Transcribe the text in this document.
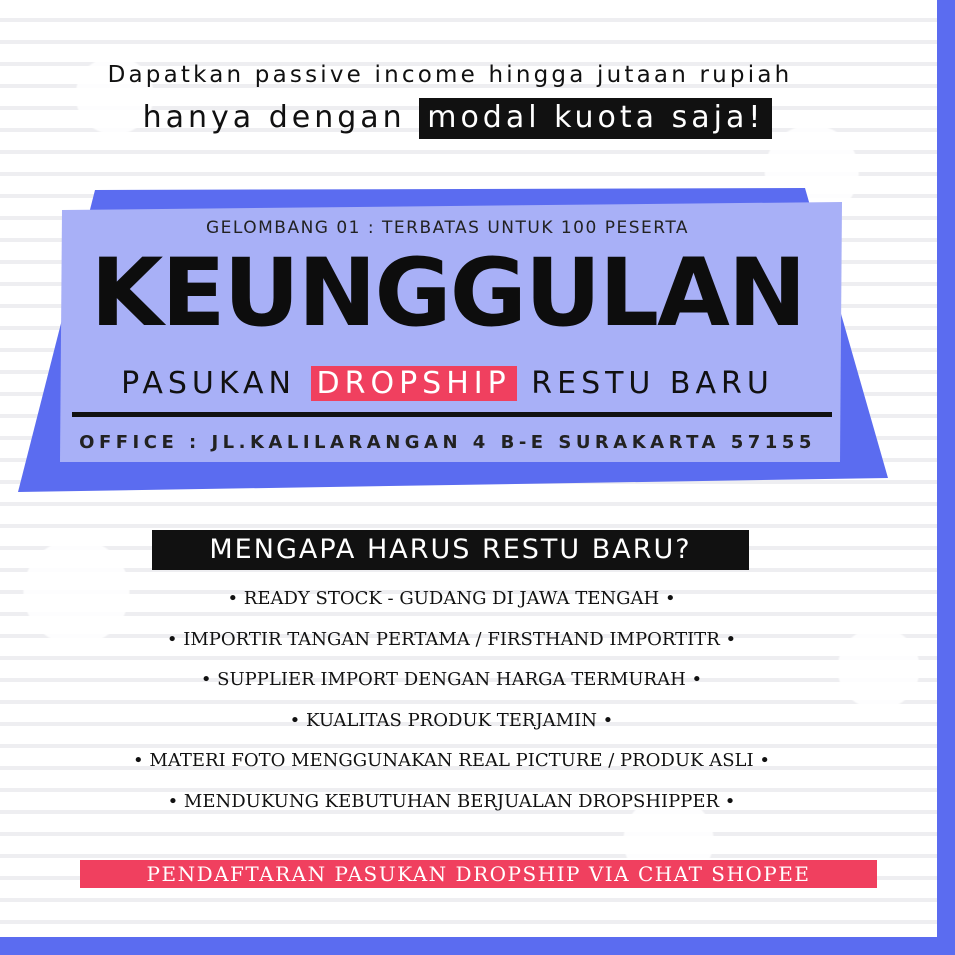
Dapatkan passive income hingga jutaan rupiah
hanya dengan modal kuota saja!
GELOMBANG 01 : TERBATAS UNTUK 100 PESERTA
KEUNGGULAN
PASUKAN DROPSHIP RESTU BARU
OFFICE : JL.KALILARANGAN 4 B-E SURAKARTA 57155
MENGAPA HARUS RESTU BARU?
• READY STOCK - GUDANG DI JAWA TENGAH •
• IMPORTIR TANGAN PERTAMA / FIRSTHAND IMPORTITR •
• SUPPLIER IMPORT DENGAN HARGA TERMURAH •
• KUALITAS PRODUK TERJAMIN •
• MATERI FOTO MENGGUNAKAN REAL PICTURE / PRODUK ASLI •
• MENDUKUNG KEBUTUHAN BERJUALAN DROPSHIPPER •
PENDAFTARAN PASUKAN DROPSHIP VIA CHAT SHOPEE
